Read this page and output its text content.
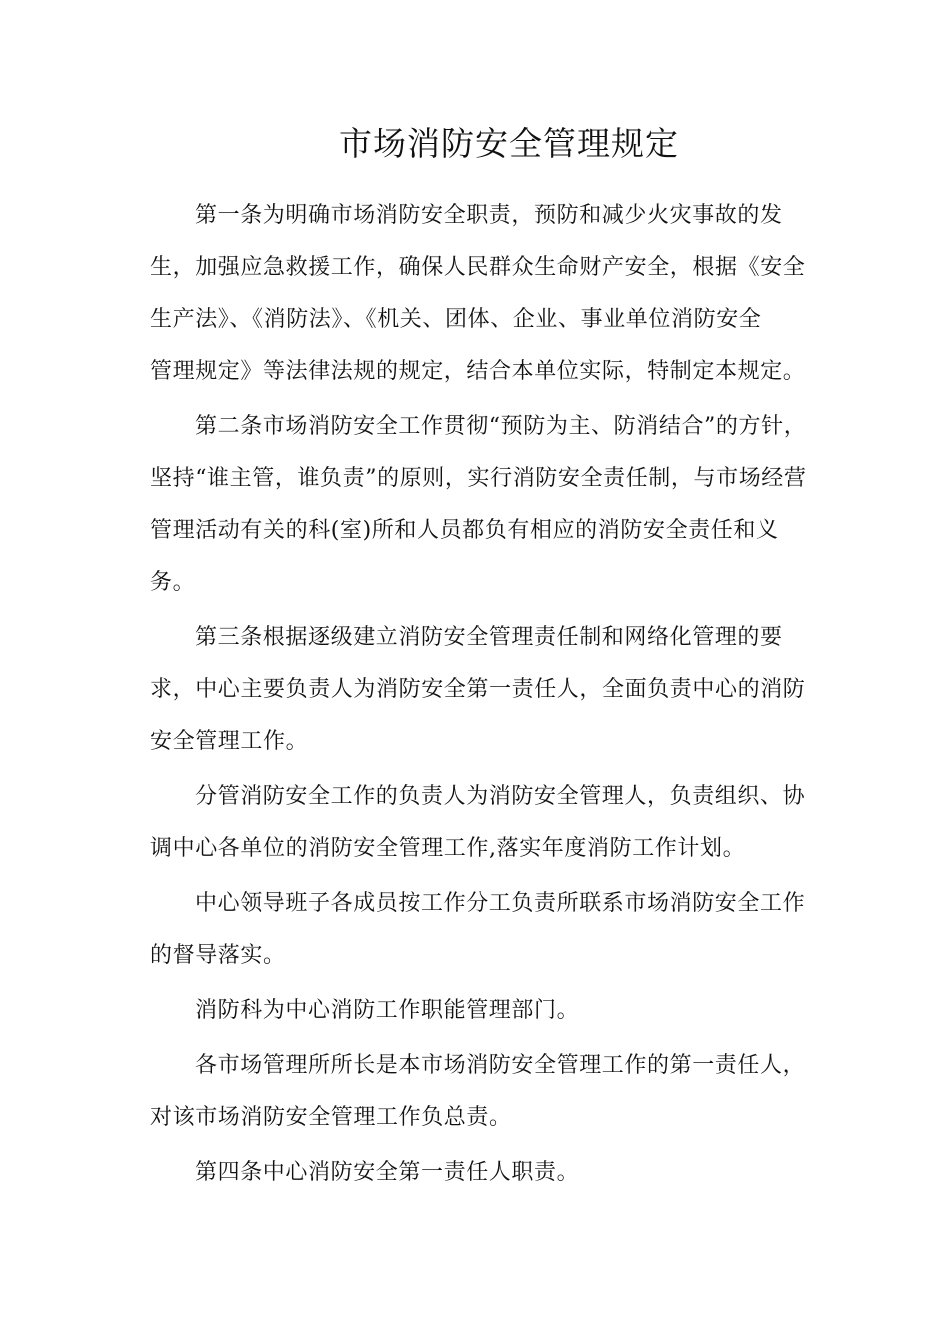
市场消防安全管理规定
第一条为明确市场消防安全职责，预防和减少火灾事故的发
生，加强应急救援工作，确保人民群众生命财产安全，根据《安全
生产法》、《消防法》、《机关、团体、企业、事业单位消防安全
管理规定》等法律法规的规定，结合本单位实际，特制定本规定。
第二条市场消防安全工作贯彻“预防为主、防消结合”的方针，
坚持“谁主管，谁负责”的原则，实行消防安全责任制，与市场经营
管理活动有关的科(室)所和人员都负有相应的消防安全责任和义
务。
第三条根据逐级建立消防安全管理责任制和网络化管理的要
求，中心主要负责人为消防安全第一责任人，全面负责中心的消防
安全管理工作。
分管消防安全工作的负责人为消防安全管理人，负责组织、协
调中心各单位的消防安全管理工作,落实年度消防工作计划。
中心领导班子各成员按工作分工负责所联系市场消防安全工作
的督导落实。
消防科为中心消防工作职能管理部门。
各市场管理所所长是本市场消防安全管理工作的第一责任人，
对该市场消防安全管理工作负总责。
第四条中心消防安全第一责任人职责。
